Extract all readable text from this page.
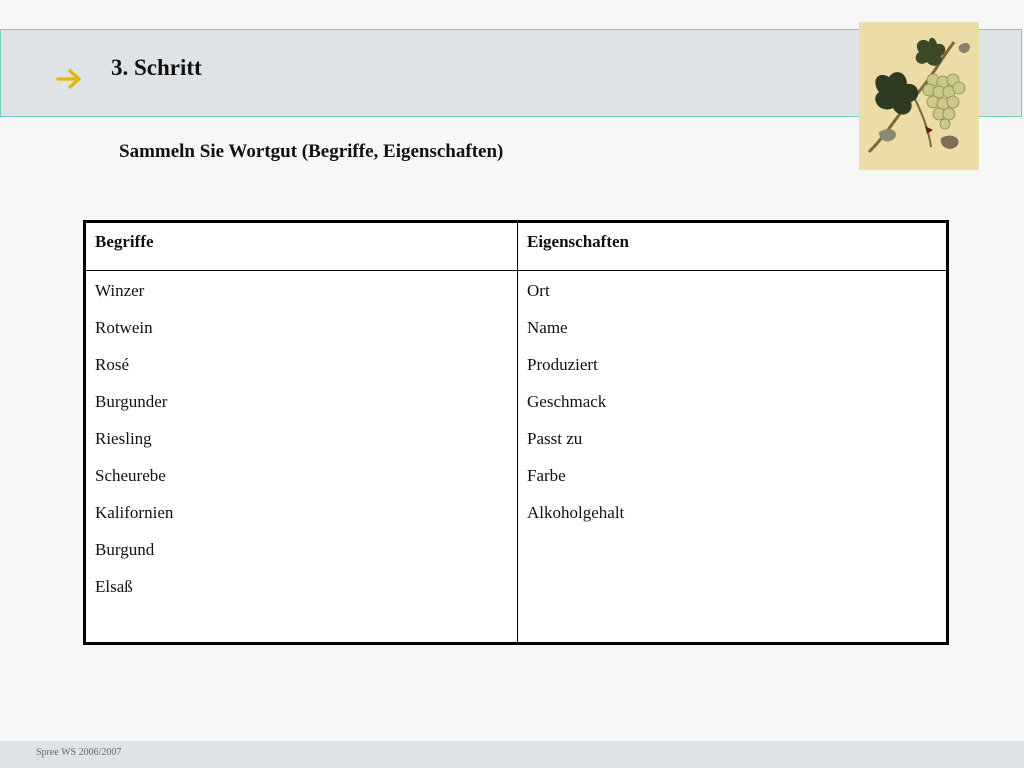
3. Schritt
Sammeln Sie Wortgut (Begriffe, Eigenschaften)
Begriffe	Eigenschaften
Winzer
Rotwein
Rosé
Burgunder
Riesling
Scheurebe
Kalifornien
Burgund
Elsaß
Ort
Name
Produziert
Geschmack
Passt zu
Farbe
Alkoholgehalt
Spree WS 2006/2007
